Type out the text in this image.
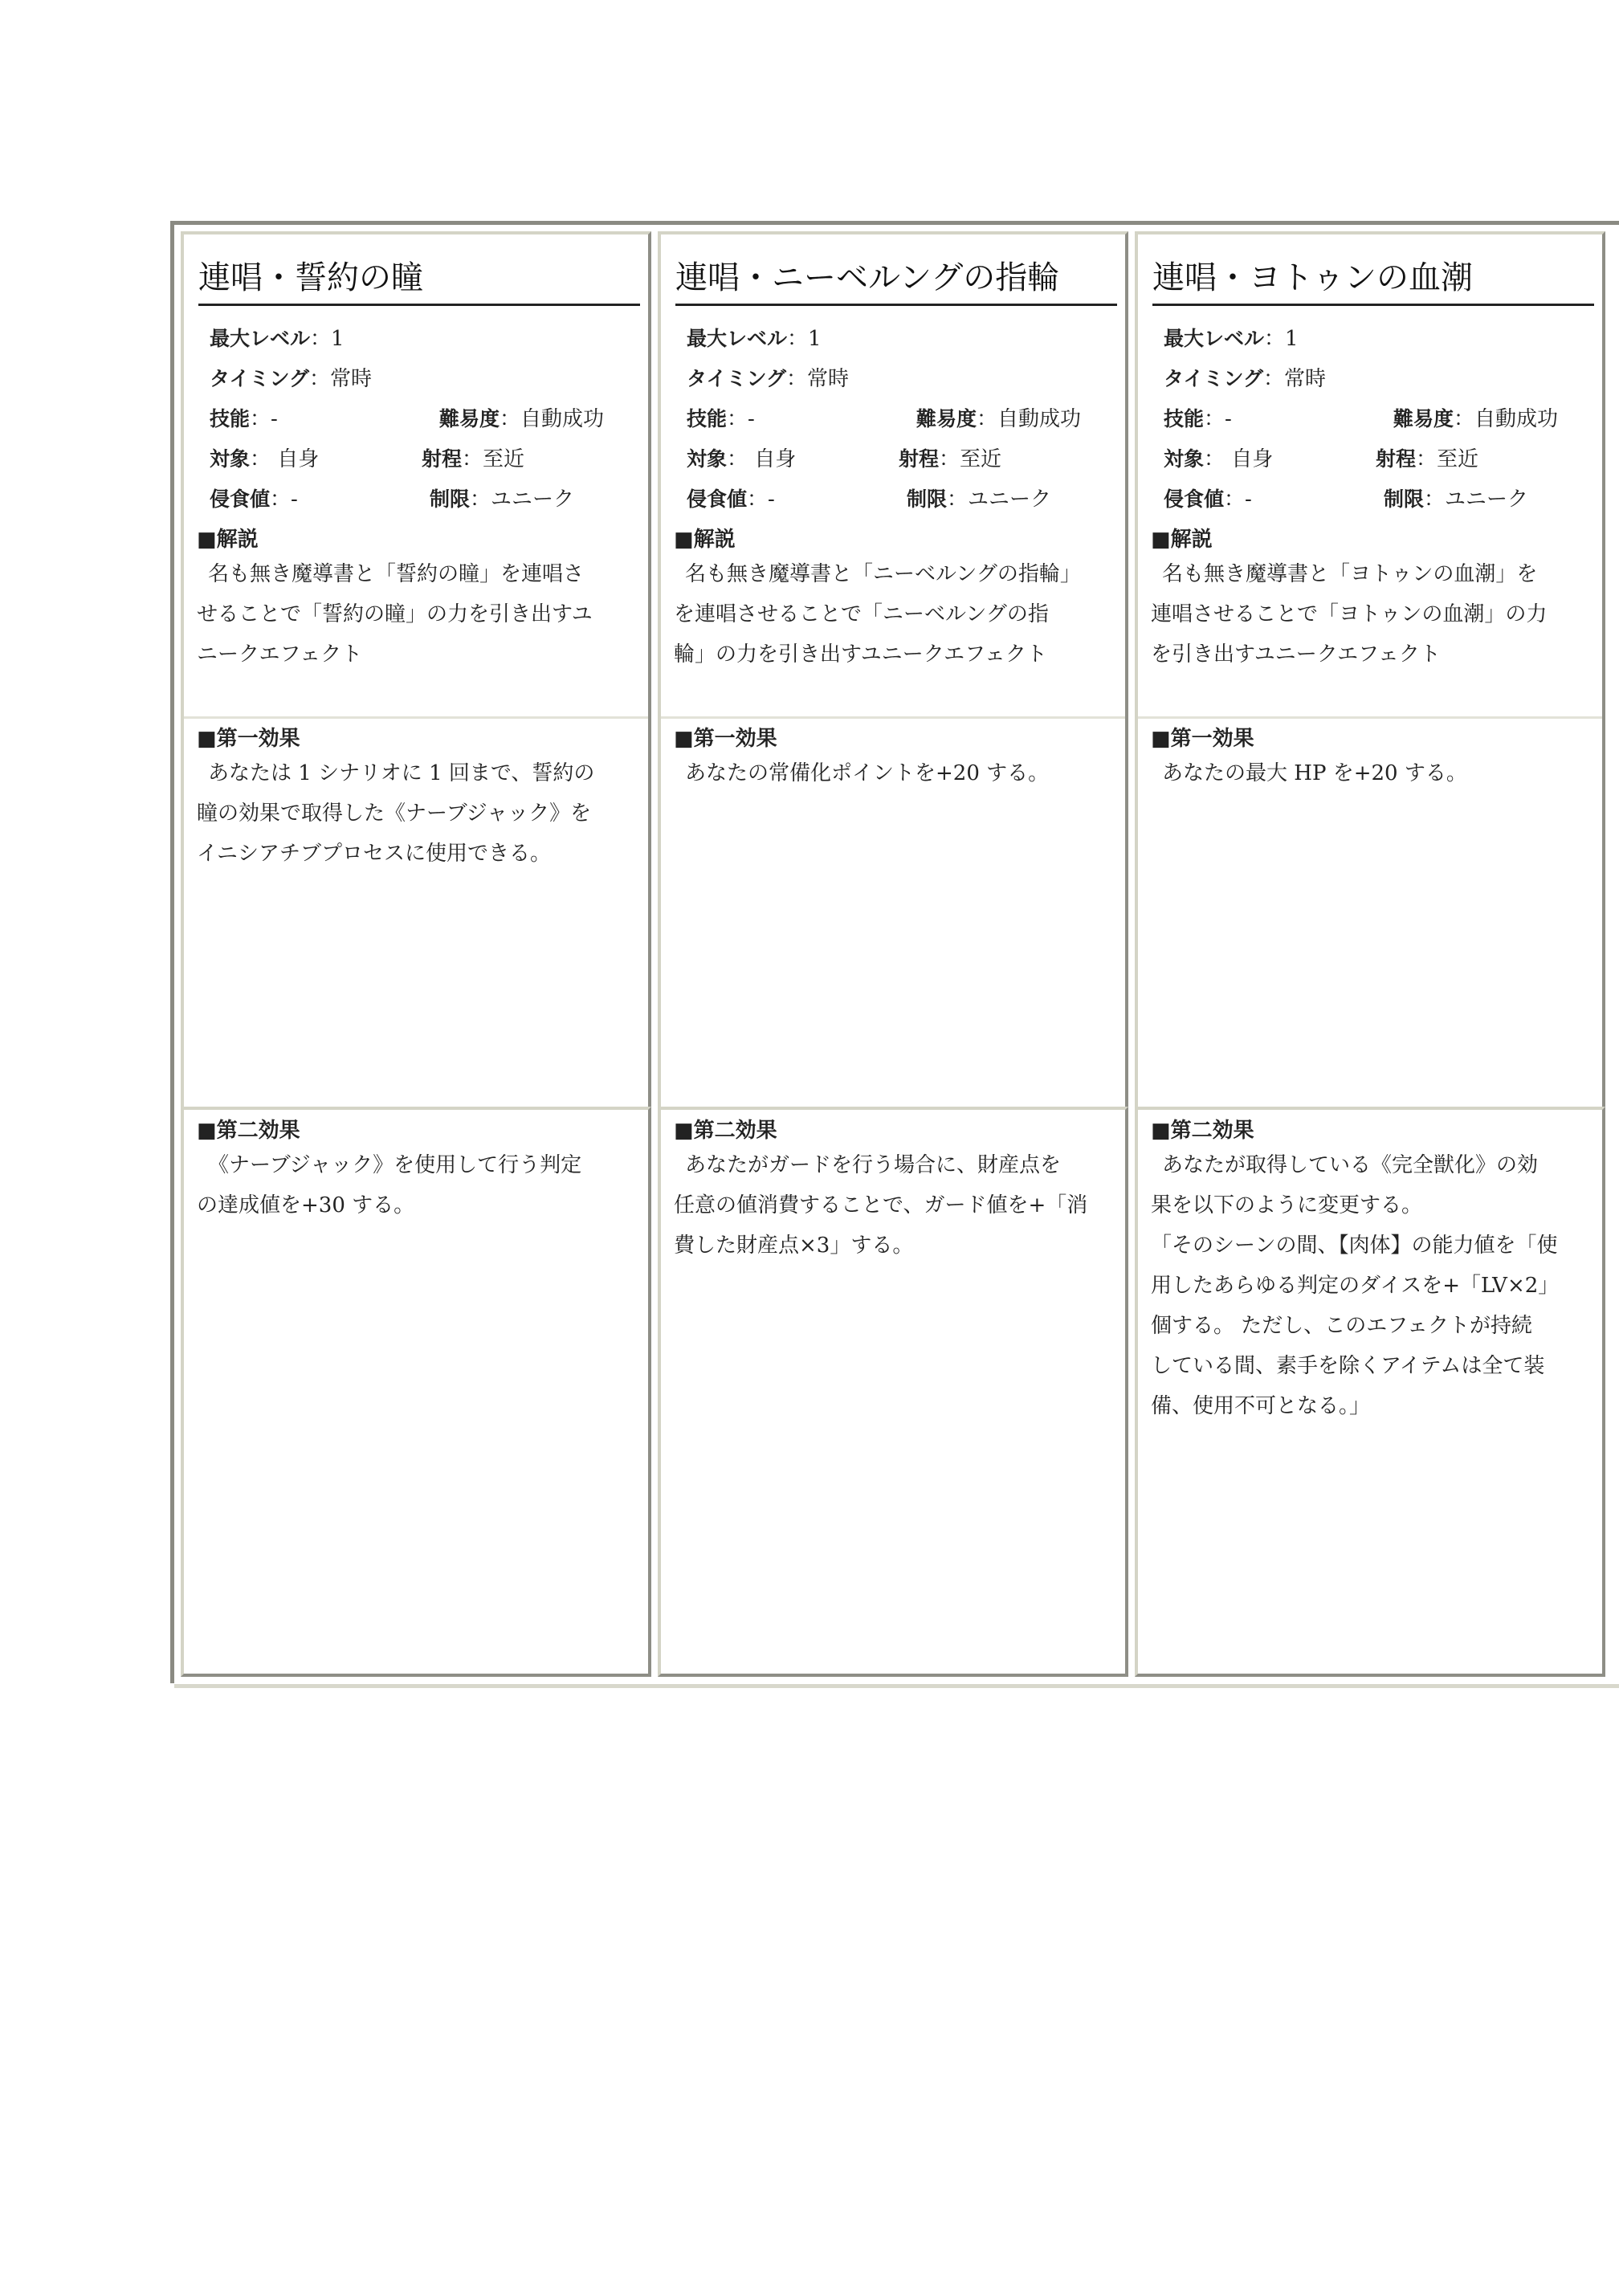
連唱・誓約の瞳
最大レベル：1
タイミング：常時
技能：-	難易度：自動成功
対象： 自身	射程：至近
侵食値：-	制限：ユニーク
■解説
名も無き魔導書と「誓約の瞳」を連唱さ
せることで「誓約の瞳」の力を引き出すユ
ニークエフェクト
■第一効果
あなたは 1 シナリオに 1 回まで、誓約の
瞳の効果で取得した《ナーブジャック》を
イニシアチブプロセスに使用できる。
■第二効果
《ナーブジャック》を使用して行う判定
の達成値を+30 する。
連唱・ニーベルングの指輪
最大レベル：1
タイミング：常時
技能：-	難易度：自動成功
対象： 自身	射程：至近
侵食値：-	制限：ユニーク
■解説
名も無き魔導書と「ニーベルングの指輪」
を連唱させることで「ニーベルングの指
輪」の力を引き出すユニークエフェクト
■第一効果
あなたの常備化ポイントを+20 する。
■第二効果
あなたがガードを行う場合に、財産点を
任意の値消費することで、ガード値を+「消
費した財産点×3」する。
連唱・ヨトゥンの血潮
最大レベル：1
タイミング：常時
技能：-	難易度：自動成功
対象： 自身	射程：至近
侵食値：-	制限：ユニーク
■解説
名も無き魔導書と「ヨトゥンの血潮」を
連唱させることで「ヨトゥンの血潮」の力
を引き出すユニークエフェクト
■第一効果
あなたの最大 HP を+20 する。
■第二効果
あなたが取得している《完全獣化》の効
果を以下のように変更する。
「そのシーンの間、【肉体】の能力値を「使
用したあらゆる判定のダイスを+「LV×2」
個する。 ただし、このエフェクトが持続
している間、素手を除くアイテムは全て装
備、使用不可となる。」
